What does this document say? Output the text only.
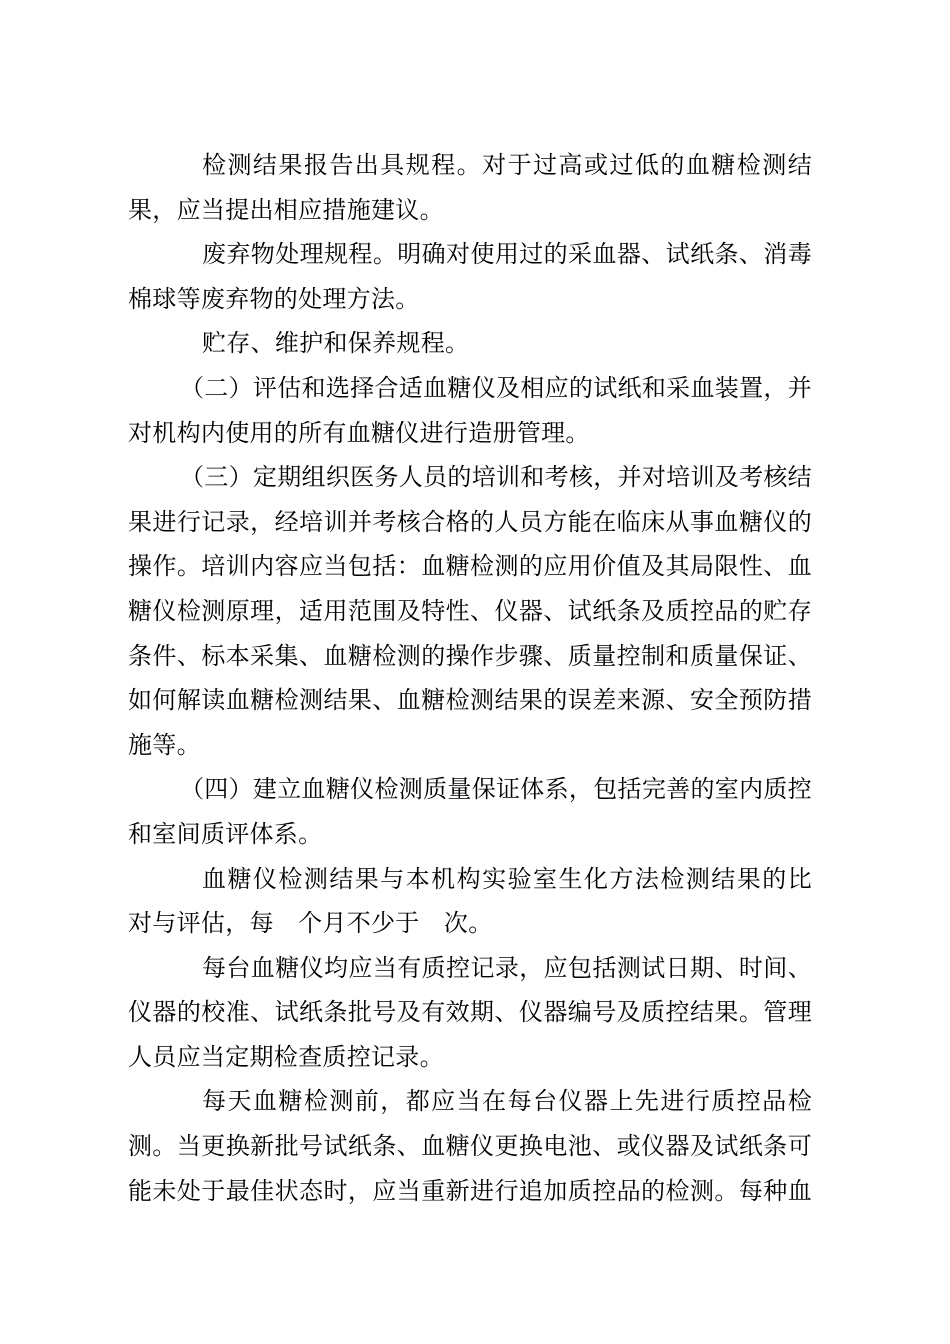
检测结果报告出具规程。对于过高或过低的血糖检测结
果，应当提出相应措施建议。

废弃物处理规程。明确对使用过的采血器、试纸条、消毒
棉球等废弃物的处理方法。

贮存、维护和保养规程。

（二）评估和选择合适血糖仪及相应的试纸和采血装置，并
对机构内使用的所有血糖仪进行造册管理。

（三）定期组织医务人员的培训和考核，并对培训及考核结
果进行记录，经培训并考核合格的人员方能在临床从事血糖仪的
操作。培训内容应当包括：血糖检测的应用价值及其局限性、血
糖仪检测原理，适用范围及特性、仪器、试纸条及质控品的贮存
条件、标本采集、血糖检测的操作步骤、质量控制和质量保证、
如何解读血糖检测结果、血糖检测结果的误差来源、安全预防措
施等。

（四）建立血糖仪检测质量保证体系，包括完善的室内质控
和室间质评体系。

血糖仪检测结果与本机构实验室生化方法检测结果的比
对与评估，每　个月不少于　次。

每台血糖仪均应当有质控记录，应包括测试日期、时间、
仪器的校准、试纸条批号及有效期、仪器编号及质控结果。管理
人员应当定期检查质控记录。

每天血糖检测前，都应当在每台仪器上先进行质控品检
测。当更换新批号试纸条、血糖仪更换电池、或仪器及试纸条可
能未处于最佳状态时，应当重新进行追加质控品的检测。每种血
